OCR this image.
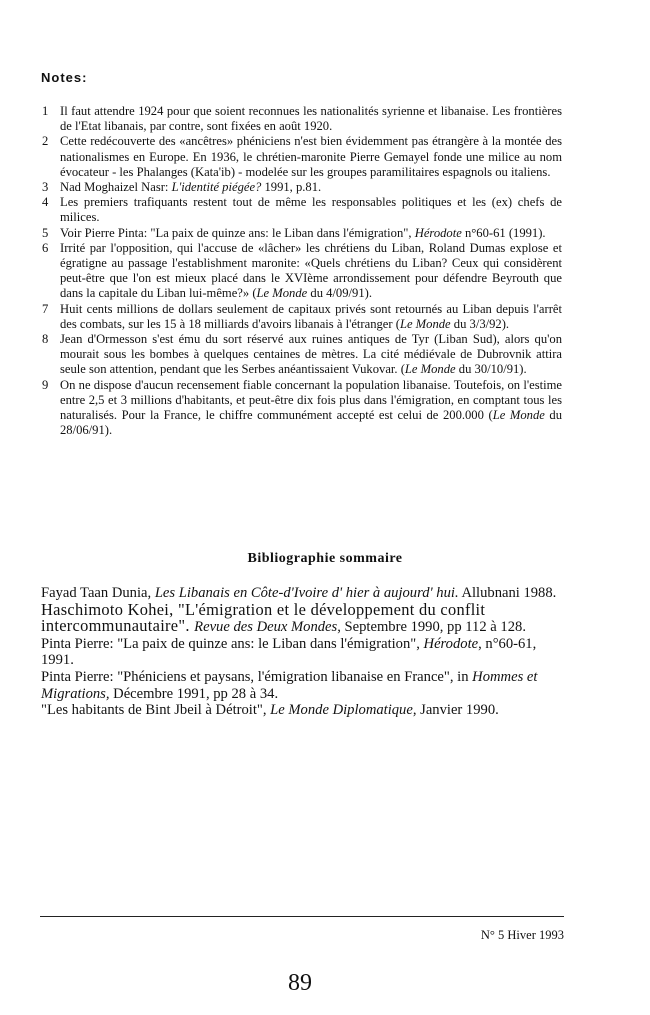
Notes:
1 Il faut attendre 1924 pour que soient reconnues les nationalités syrienne et libanaise. Les frontières de l'Etat libanais, par contre, sont fixées en août 1920.
2 Cette redécouverte des «ancêtres» phéniciens n'est bien évidemment pas étrangère à la montée des nationalismes en Europe. En 1936, le chrétien-maronite Pierre Gemayel fonde une milice au nom évocateur - les Phalanges (Kata'ib) - modelée sur les groupes paramilitaires espagnols ou italiens.
3 Nad Moghaizel Nasr: L'identité piégée? 1991, p.81.
4 Les premiers trafiquants restent tout de même les responsables politiques et les (ex) chefs de milices.
5 Voir Pierre Pinta: "La paix de quinze ans: le Liban dans l'émigration", Hérodote n°60-61 (1991).
6 Irrité par l'opposition, qui l'accuse de «lâcher» les chrétiens du Liban, Roland Dumas explose et égratigne au passage l'establishment maronite: «Quels chrétiens du Liban? Ceux qui considèrent peut-être que l'on est mieux placé dans le XVIème arrondissement pour défendre Beyrouth que dans la capitale du Liban lui-même?» (Le Monde du 4/09/91).
7 Huit cents millions de dollars seulement de capitaux privés sont retournés au Liban depuis l'arrêt des combats, sur les 15 à 18 milliards d'avoirs libanais à l'étranger (Le Monde du 3/3/92).
8 Jean d'Ormesson s'est ému du sort réservé aux ruines antiques de Tyr (Liban Sud), alors qu'on mourait sous les bombes à quelques centaines de mètres. La cité médiévale de Dubrovnik attira seule son attention, pendant que les Serbes anéantissaient Vukovar. (Le Monde du 30/10/91).
9 On ne dispose d'aucun recensement fiable concernant la population libanaise. Toutefois, on l'estime entre 2,5 et 3 millions d'habitants, et peut-être dix fois plus dans l'émigration, en comptant tous les naturalisés. Pour la France, le chiffre communément accepté est celui de 200.000 (Le Monde du 28/06/91).
Bibliographie sommaire
Fayad Taan Dunia, Les Libanais en Côte-d'Ivoire d' hier à aujourd' hui. Allubnani 1988.
Haschimoto Kohei, "L'émigration et le développement du conflit intercommunautaire". Revue des Deux Mondes, Septembre 1990, pp 112 à 128.
Pinta Pierre: "La paix de quinze ans: le Liban dans l'émigration", Hérodote, n°60-61, 1991.
Pinta Pierre: "Phéniciens et paysans, l'émigration libanaise en France", in Hommes et Migrations, Décembre 1991, pp 28 à 34.
"Les habitants de Bint Jbeil à Détroit", Le Monde Diplomatique, Janvier 1990.
N° 5 Hiver 1993
89
